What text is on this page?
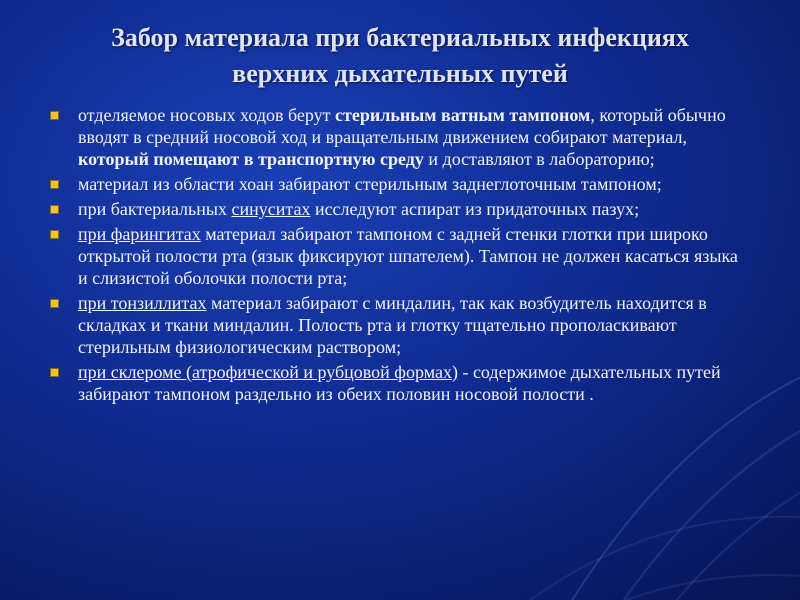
Забор материала при бактериальных инфекциях
верхних дыхательных путей
отделяемое носовых ходов берут стерильным ватным тампоном, который обычно вводят в средний носовой ход и вращательным движением собирают материал, который помещают в транспортную среду и доставляют в лабораторию;
материал из области хоан забирают стерильным заднеглоточным тампоном;
при бактериальных синуситах исследуют аспират из придаточных пазух;
при фарингитах материал забирают тампоном с задней стенки глотки при широко открытой полости рта (язык фиксируют шпателем). Тампон не должен касаться языка и слизистой оболочки полости рта;
при тонзиллитах материал забирают с миндалин, так как возбудитель находится в складках и ткани миндалин. Полость рта и глотку тщательно прополаскивают стерильным физиологическим раствором;
при склероме (атрофической и рубцовой формах) - содержимое дыхательных путей забирают тампоном раздельно из обеих половин носовой полости .
